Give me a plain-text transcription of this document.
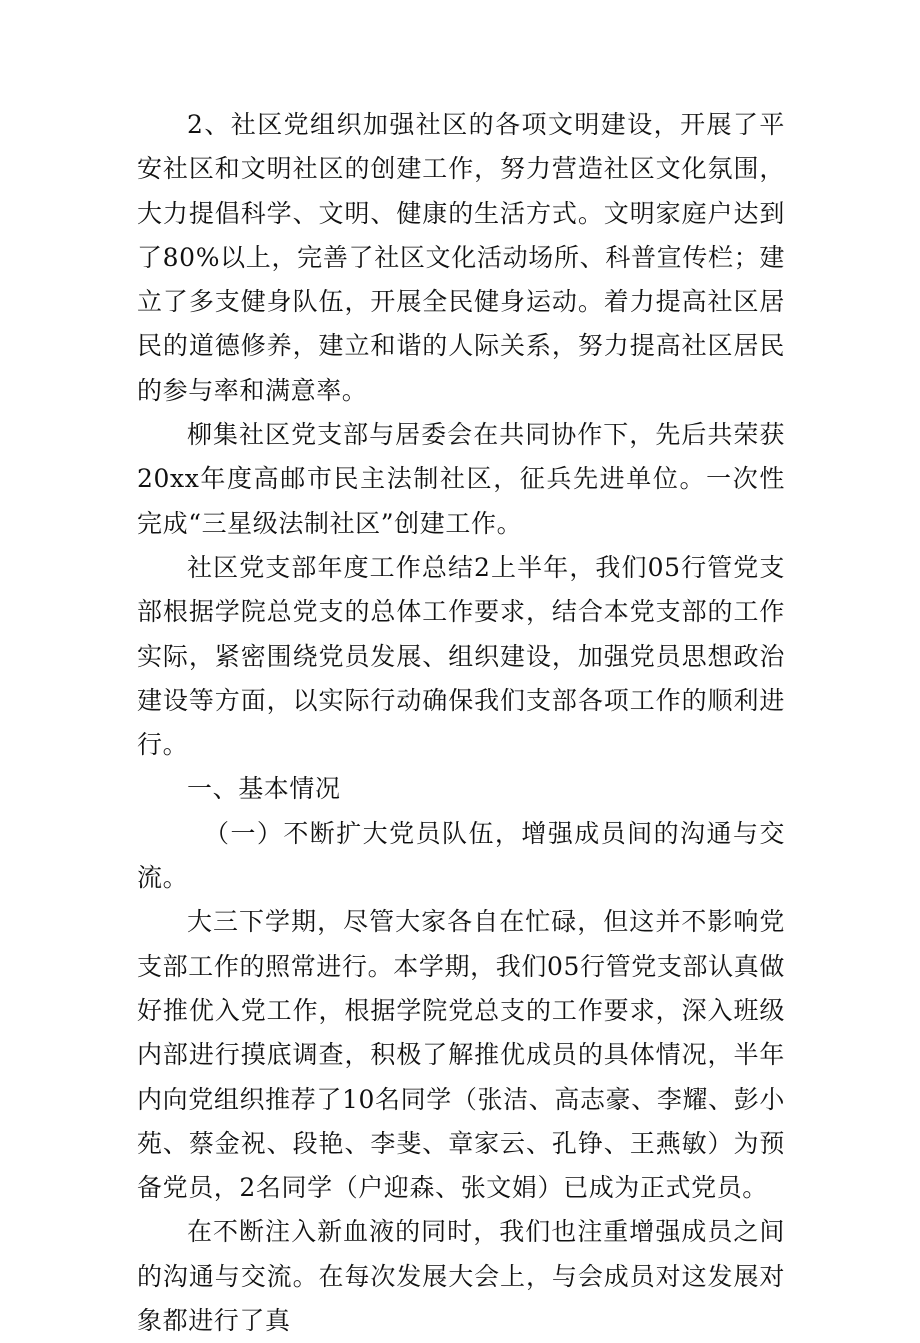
2、社区党组织加强社区的各项文明建设，开展了平安社区和文明社区的创建工作，努力营造社区文化氛围，大力提倡科学、文明、健康的生活方式。文明家庭户达到了80%以上，完善了社区文化活动场所、科普宣传栏；建立了多支健身队伍，开展全民健身运动。着力提高社区居民的道德修养，建立和谐的人际关系，努力提高社区居民的参与率和满意率。

柳集社区党支部与居委会在共同协作下，先后共荣获20xx年度高邮市民主法制社区，征兵先进单位。一次性完成“三星级法制社区”创建工作。

社区党支部年度工作总结2上半年，我们05行管党支部根据学院总党支的总体工作要求，结合本党支部的工作实际，紧密围绕党员发展、组织建设，加强党员思想政治建设等方面，以实际行动确保我们支部各项工作的顺利进行。

一、基本情况

（一）不断扩大党员队伍，增强成员间的沟通与交流。

大三下学期，尽管大家各自在忙碌，但这并不影响党支部工作的照常进行。本学期，我们05行管党支部认真做好推优入党工作，根据学院党总支的工作要求，深入班级内部进行摸底调查，积极了解推优成员的具体情况，半年内向党组织推荐了10名同学（张洁、高志豪、李耀、彭小苑、蔡金祝、段艳、李斐、章家云、孔铮、王燕敏）为预备党员，2名同学（户迎森、张文娟）已成为正式党员。

在不断注入新血液的同时，我们也注重增强成员之间的沟通与交流。在每次发展大会上，与会成员对这发展对象都进行了真
